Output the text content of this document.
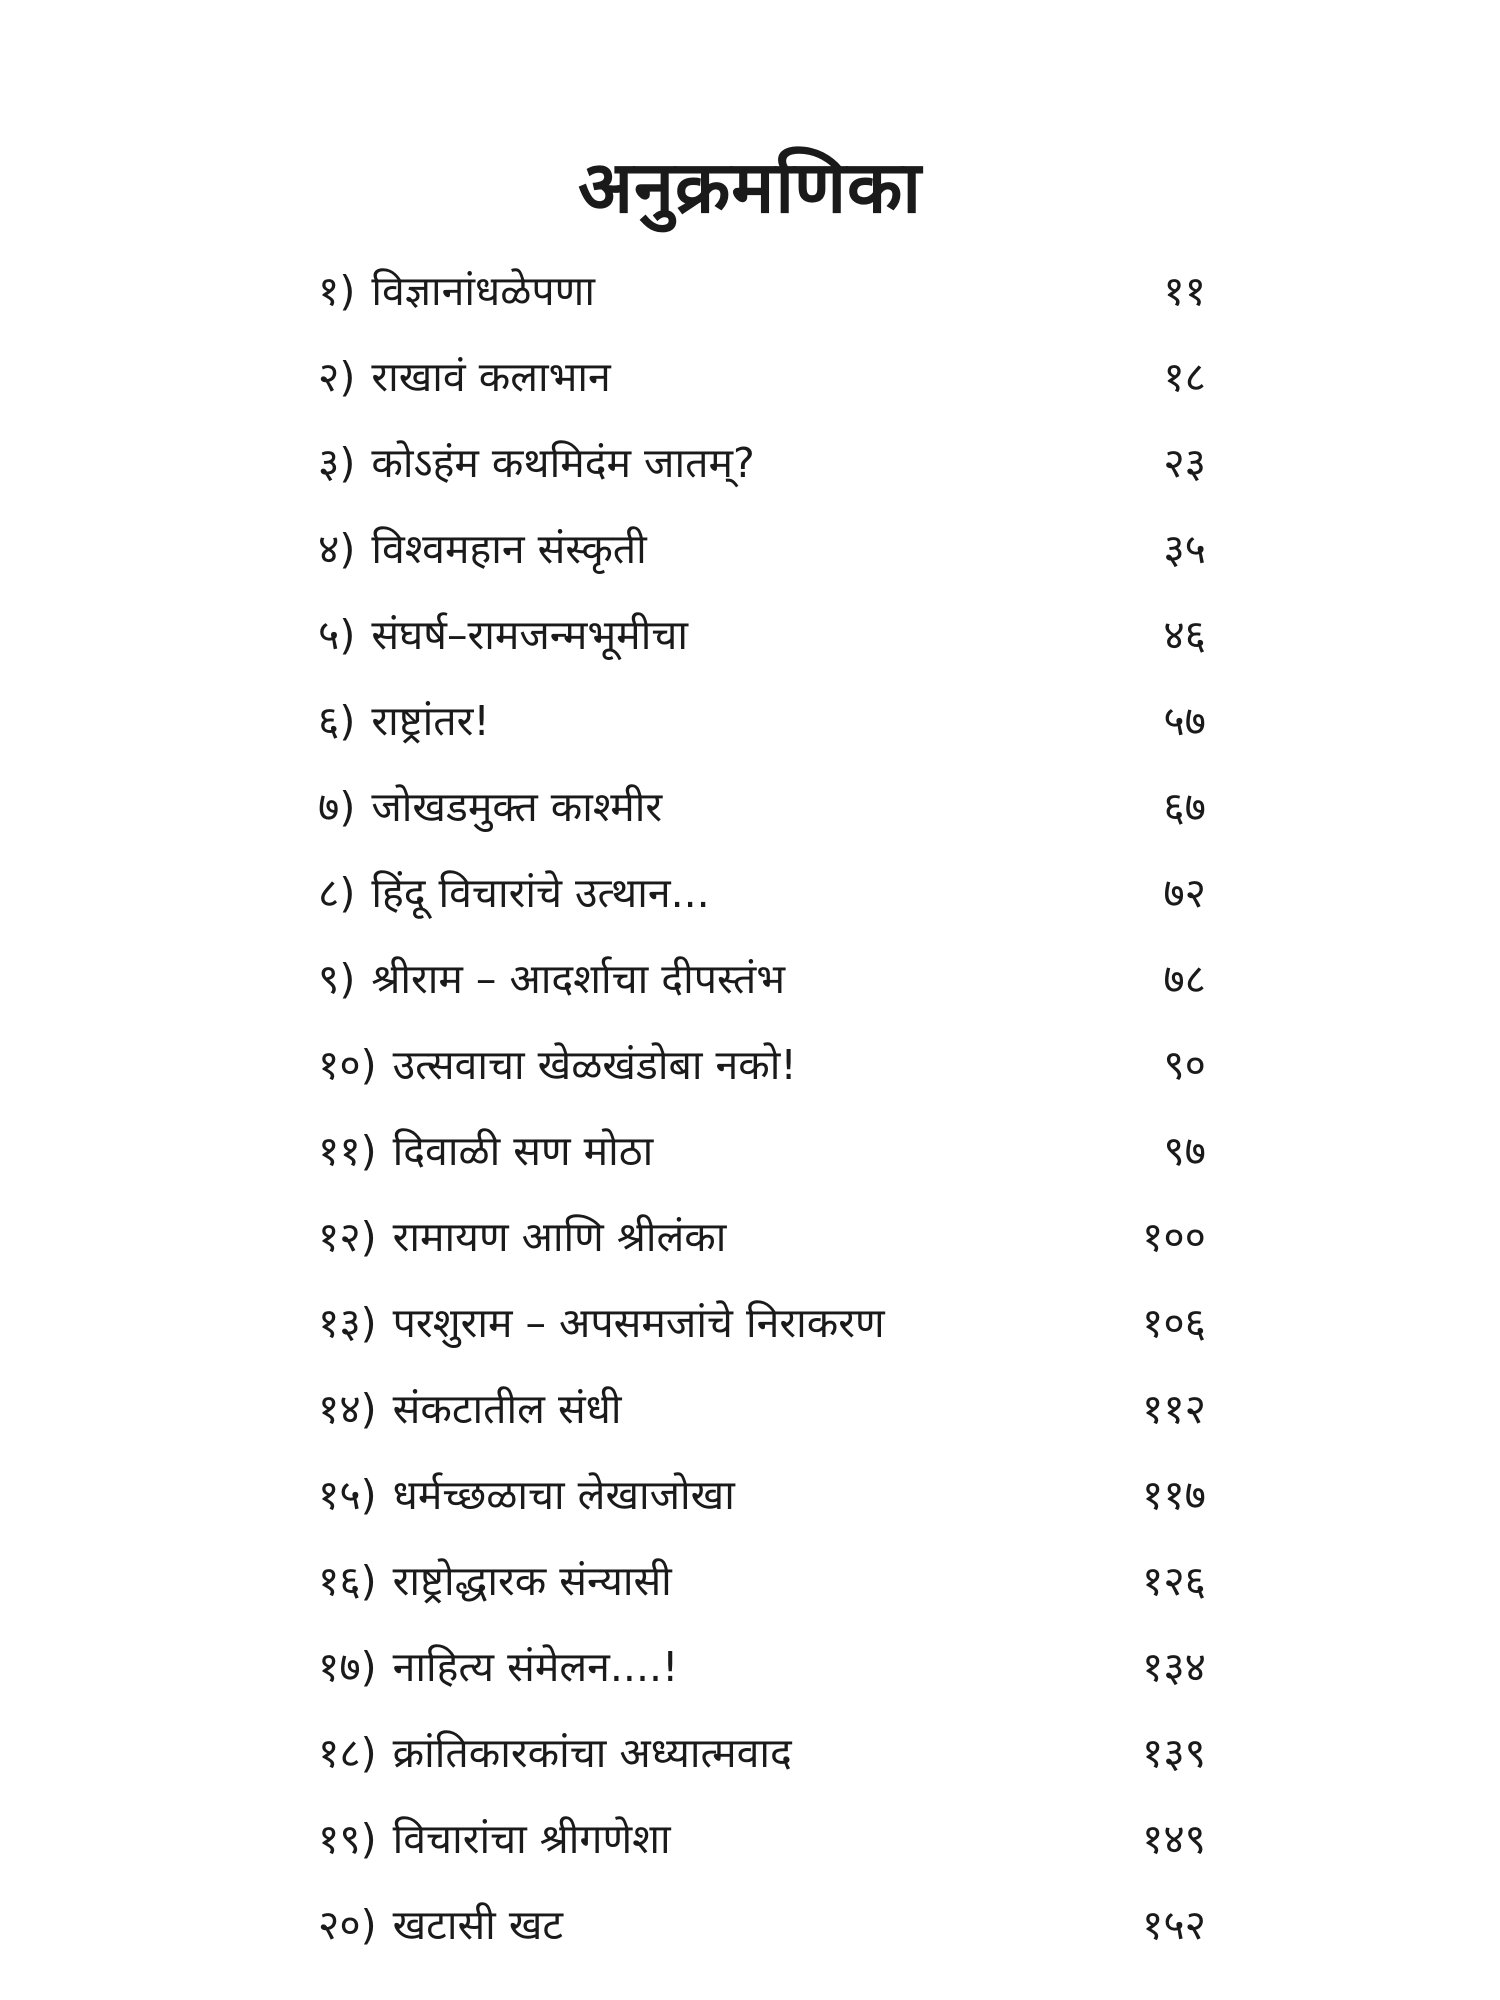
अनुक्रमणिका
१) विज्ञानांधळेपणा	११
२) राखावं कलाभान	१८
३) कोऽहंम कथमिदंम जातम्?	२३
४) विश्वमहान संस्कृती	३५
५) संघर्ष–रामजन्मभूमीचा	४६
६) राष्ट्रांतर!	५७
७) जोखडमुक्त काश्मीर	६७
८) हिंदू विचारांचे उत्थान...	७२
९) श्रीराम – आदर्शाचा दीपस्तंभ	७८
१०) उत्सवाचा खेळखंडोबा नको!	९०
११) दिवाळी सण मोठा	९७
१२) रामायण आणि श्रीलंका	१००
१३) परशुराम – अपसमजांचे निराकरण	१०६
१४) संकटातील संधी	११२
१५) धर्मच्छळाचा लेखाजोखा	११७
१६) राष्ट्रोद्धारक संन्यासी	१२६
१७) नाहित्य संमेलन....!	१३४
१८) क्रांतिकारकांचा अध्यात्मवाद	१३९
१९) विचारांचा श्रीगणेशा	१४९
२०) खटासी खट	१५२
